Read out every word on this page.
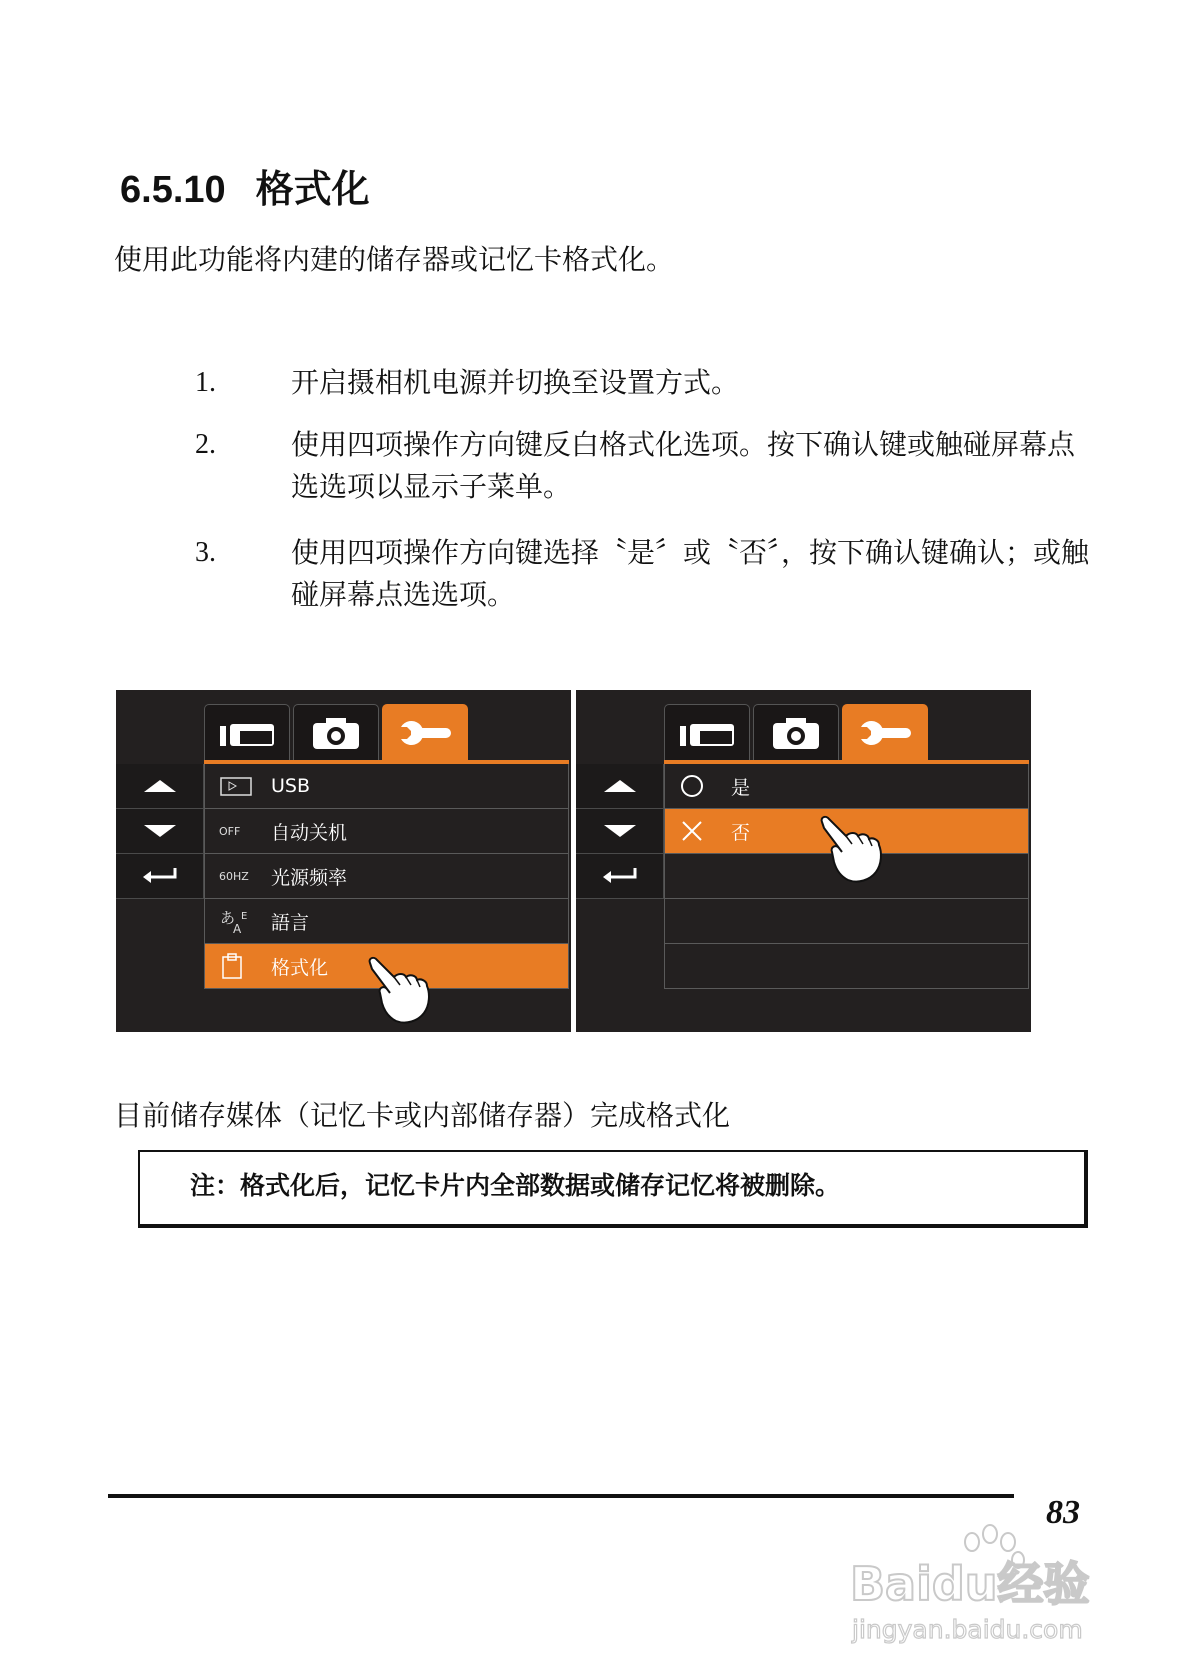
6.5.10 格式化
使用此功能将内建的储存器或记忆卡格式化。
1.	开启摄相机电源并切换至设置方式。
2.	使用四项操作方向键反白格式化选项。按下确认键或触碰屏幕点选选项以显示子菜单。
3.	使用四项操作方向键选择〝是〞或〝否〞，按下确认键确认；或触碰屏幕点选选项。
USB
OFF	自动关机
60HZ	光源频率
あ
A
E 語言
格式化
是
否
目前储存媒体（记忆卡或内部储存器）完成格式化
注：格式化后，记忆卡片内全部数据或储存记忆将被删除。
83
Baidu经验
jingyan.baidu.com
